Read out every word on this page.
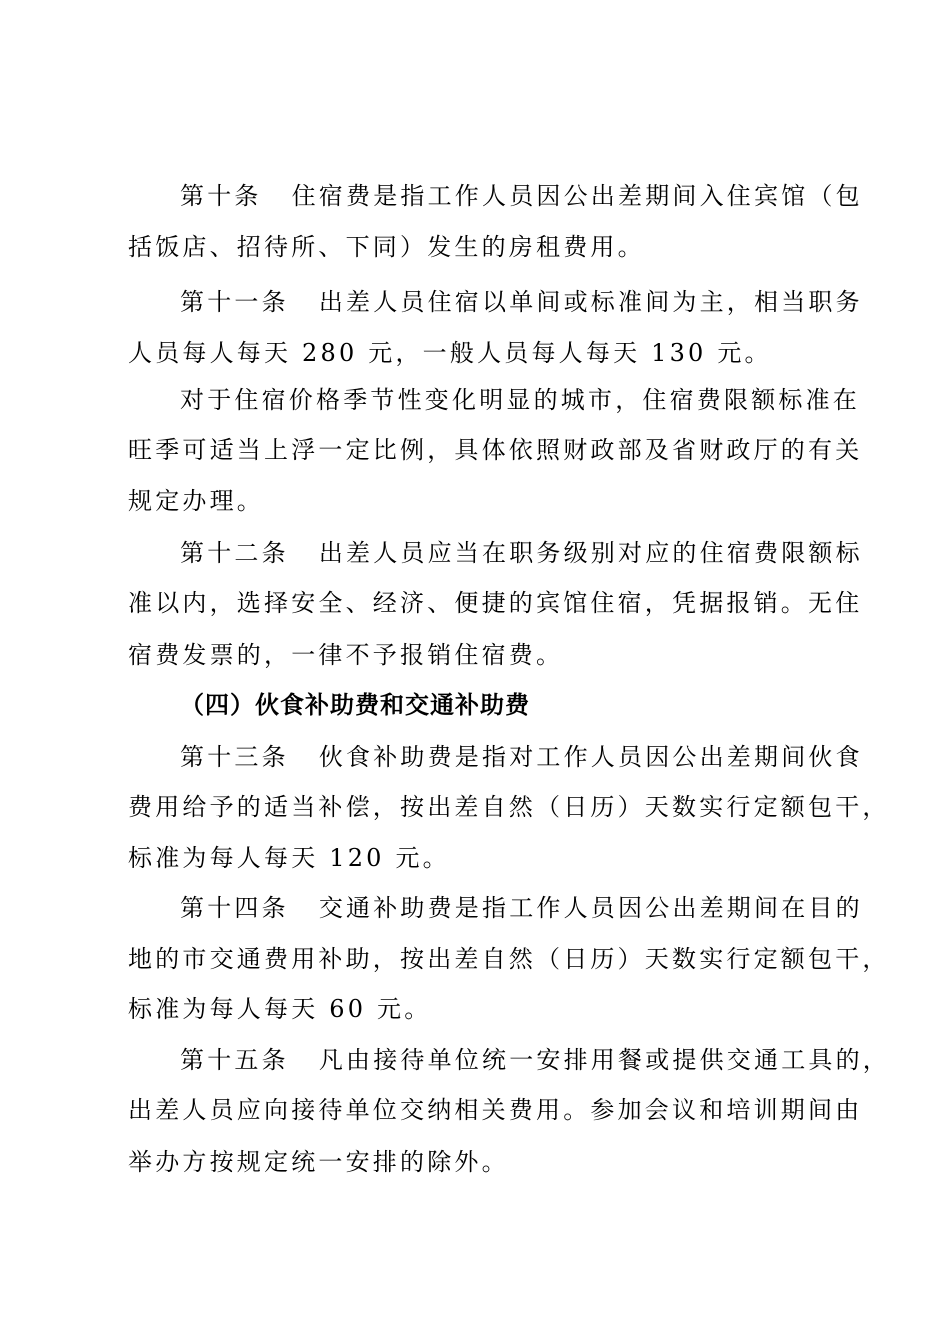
第十条 住宿费是指工作人员因公出差期间入住宾馆（包
括饭店、招待所、下同）发生的房租费用。
第十一条 出差人员住宿以单间或标准间为主，相当职务
人员每人每天 280 元，一般人员每人每天 130 元。
对于住宿价格季节性变化明显的城市，住宿费限额标准在
旺季可适当上浮一定比例，具体依照财政部及省财政厅的有关
规定办理。
第十二条 出差人员应当在职务级别对应的住宿费限额标
准以内，选择安全、经济、便捷的宾馆住宿，凭据报销。无住
宿费发票的，一律不予报销住宿费。
（四）伙食补助费和交通补助费
第十三条 伙食补助费是指对工作人员因公出差期间伙食
费用给予的适当补偿，按出差自然（日历）天数实行定额包干，
标准为每人每天 120 元。
第十四条 交通补助费是指工作人员因公出差期间在目的
地的市交通费用补助，按出差自然（日历）天数实行定额包干，
标准为每人每天 60 元。
第十五条 凡由接待单位统一安排用餐或提供交通工具的，
出差人员应向接待单位交纳相关费用。参加会议和培训期间由
举办方按规定统一安排的除外。
